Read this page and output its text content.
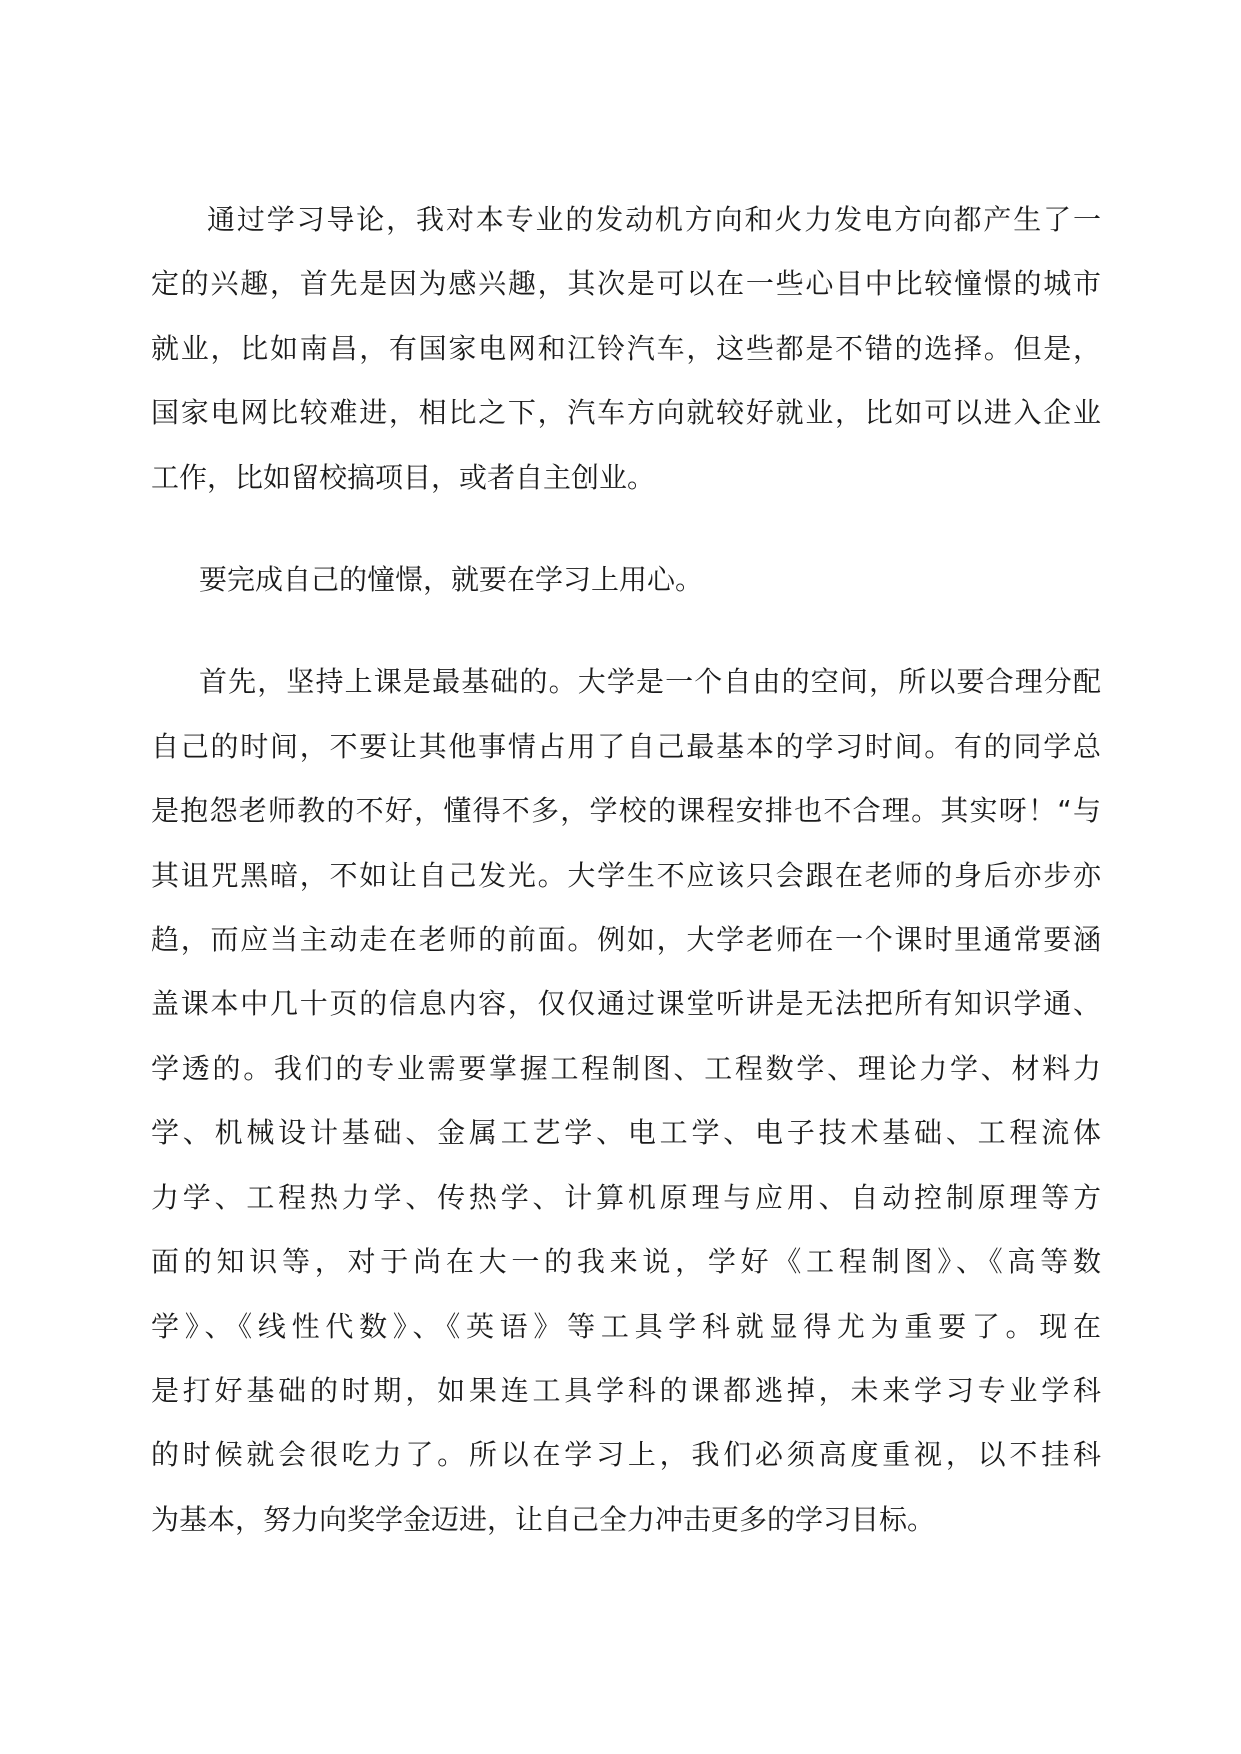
通过学习导论，我对本专业的发动机方向和火力发电方向都产生了一
定的兴趣，首先是因为感兴趣，其次是可以在一些心目中比较憧憬的城市
就业，比如南昌，有国家电网和江铃汽车，这些都是不错的选择。但是，
国家电网比较难进，相比之下，汽车方向就较好就业，比如可以进入企业
工作，比如留校搞项目，或者自主创业。

要完成自己的憧憬，就要在学习上用心。

首先，坚持上课是最基础的。大学是一个自由的空间，所以要合理分配
自己的时间，不要让其他事情占用了自己最基本的学习时间。有的同学总
是抱怨老师教的不好，懂得不多，学校的课程安排也不合理。其实呀！“与
其诅咒黑暗，不如让自己发光。大学生不应该只会跟在老师的身后亦步亦
趋，而应当主动走在老师的前面。例如，大学老师在一个课时里通常要涵
盖课本中几十页的信息内容，仅仅通过课堂听讲是无法把所有知识学通、
学透的。我们的专业需要掌握工程制图、工程数学、理论力学、材料力
学、机械设计基础、金属工艺学、电工学、电子技术基础、工程流体
力学、工程热力学、传热学、计算机原理与应用、自动控制原理等方
面的知识等，对于尚在大一的我来说，学好《工程制图》、《高等数
学》、《线性代数》、《英语》等工具学科就显得尤为重要了。现在
是打好基础的时期，如果连工具学科的课都逃掉，未来学习专业学科
的时候就会很吃力了。所以在学习上，我们必须高度重视，以不挂科
为基本，努力向奖学金迈进，让自己全力冲击更多的学习目标。
